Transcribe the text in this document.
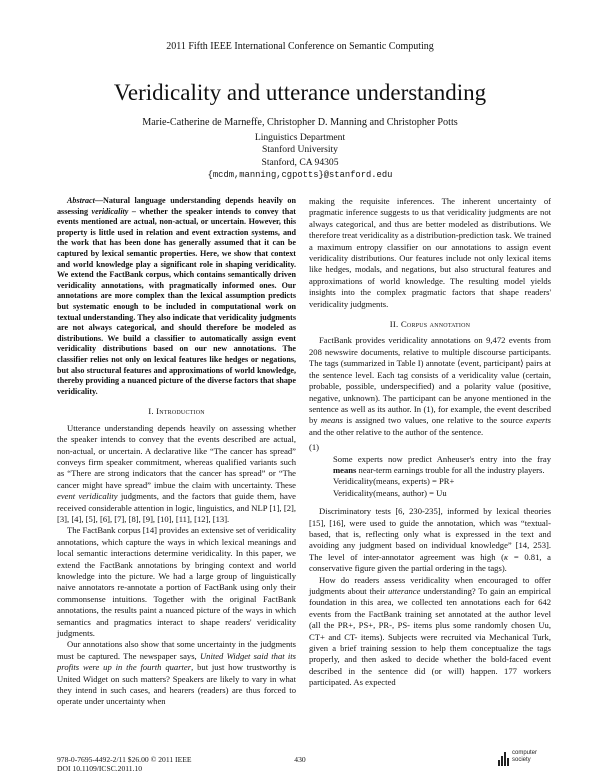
2011 Fifth IEEE International Conference on Semantic Computing
Veridicality and utterance understanding
Marie-Catherine de Marneffe, Christopher D. Manning and Christopher Potts
Linguistics Department
Stanford University
Stanford, CA 94305
{mcdm,manning,cgpotts}@stanford.edu

Abstract—Natural language understanding depends heavily on assessing veridicality – whether the speaker intends to convey that events mentioned are actual, non-actual, or uncertain. However, this property is little used in relation and event extraction systems, and the work that has been done has generally assumed that it can be captured by lexical semantic properties. Here, we show that context and world knowledge play a significant role in shaping veridicality. We extend the FactBank corpus, which contains semantically driven veridicality annotations, with pragmatically informed ones. Our annotations are more complex than the lexical assumption predicts but systematic enough to be included in computational work on textual understanding. They also indicate that veridicality judgments are not always categorical, and should therefore be modeled as distributions. We build a classifier to automatically assign event veridicality distributions based on our new annotations. The classifier relies not only on lexical features like hedges or negations, but also structural features and approximations of world knowledge, thereby providing a nuanced picture of the diverse factors that shape veridicality.

I. Introduction

Utterance understanding depends heavily on assessing whether the speaker intends to convey that the events described are actual, non-actual, or uncertain. A declarative like “The cancer has spread” conveys firm speaker commitment, whereas qualified variants such as “There are strong indicators that the cancer has spread” or “The cancer might have spread” imbue the claim with uncertainty. These event veridicality judgments, and the factors that guide them, have received considerable attention in logic, linguistics, and NLP [1], [2], [3], [4], [5], [6], [7], [8], [9], [10], [11], [12], [13].

The FactBank corpus [14] provides an extensive set of veridicality annotations, which capture the ways in which lexical meanings and local semantic interactions determine veridicality. In this paper, we extend the FactBank annotations by bringing context and world knowledge into the picture. We had a large group of linguistically naive annotators re-annotate a portion of FactBank using only their commonsense intuitions. Together with the original FactBank annotations, the results paint a nuanced picture of the ways in which semantics and pragmatics interact to shape readers' veridicality judgments.

Our annotations also show that some uncertainty in the judgments must be captured. The newspaper says, United Widget said that its profits were up in the fourth quarter, but just how trustworthy is United Widget on such matters? Speakers are likely to vary in what they intend in such cases, and hearers (readers) are thus forced to operate under uncertainty when

making the requisite inferences. The inherent uncertainty of pragmatic inference suggests to us that veridicality judgments are not always categorical, and thus are better modeled as distributions. We therefore treat veridicality as a distribution-prediction task. We trained a maximum entropy classifier on our annotations to assign event veridicality distributions. Our features include not only lexical items like hedges, modals, and negations, but also structural features and approximations of world knowledge. The resulting model yields insights into the complex pragmatic factors that shape readers' veridicality judgments.

II. Corpus annotation

FactBank provides veridicality annotations on 9,472 events from 208 newswire documents, relative to multiple discourse participants. The tags (summarized in Table I) annotate ⟨event, participant⟩ pairs at the sentence level. Each tag consists of a veridicality value (certain, probable, possible, underspecified) and a polarity value (positive, negative, unknown). The participant can be anyone mentioned in the sentence as well as its author. In (1), for example, the event described by means is assigned two values, one relative to the source experts and the other relative to the author of the sentence.

(1)
Some experts now predict Anheuser's entry into the fray means near-term earnings trouble for all the industry players.
Veridicality(means, experts) = PR+
Veridicality(means, author) = Uu

Discriminatory tests [6, 230-235], informed by lexical theories [15], [16], were used to guide the annotation, which was “textual-based, that is, reflecting only what is expressed in the text and avoiding any judgment based on individual knowledge” [14, 253]. The level of inter-annotator agreement was high (κ = 0.81, a conservative figure given the partial ordering in the tags).

How do readers assess veridicality when encouraged to offer judgments about their utterance understanding? To gain an empirical foundation in this area, we collected ten annotations each for 642 events from the FactBank training set annotated at the author level (all the PR+, PS+, PR-, PS- items plus some randomly chosen Uu, CT+ and CT- items). Subjects were recruited via Mechanical Turk, given a brief training session to help them conceptualize the tags properly, and then asked to decide whether the bold-faced event described in the sentence did (or will) happen. 177 workers participated. As expected

978-0-7695-4492-2/11 $26.00 © 2011 IEEE
DOI 10.1109/ICSC.2011.10
430
computer
society
